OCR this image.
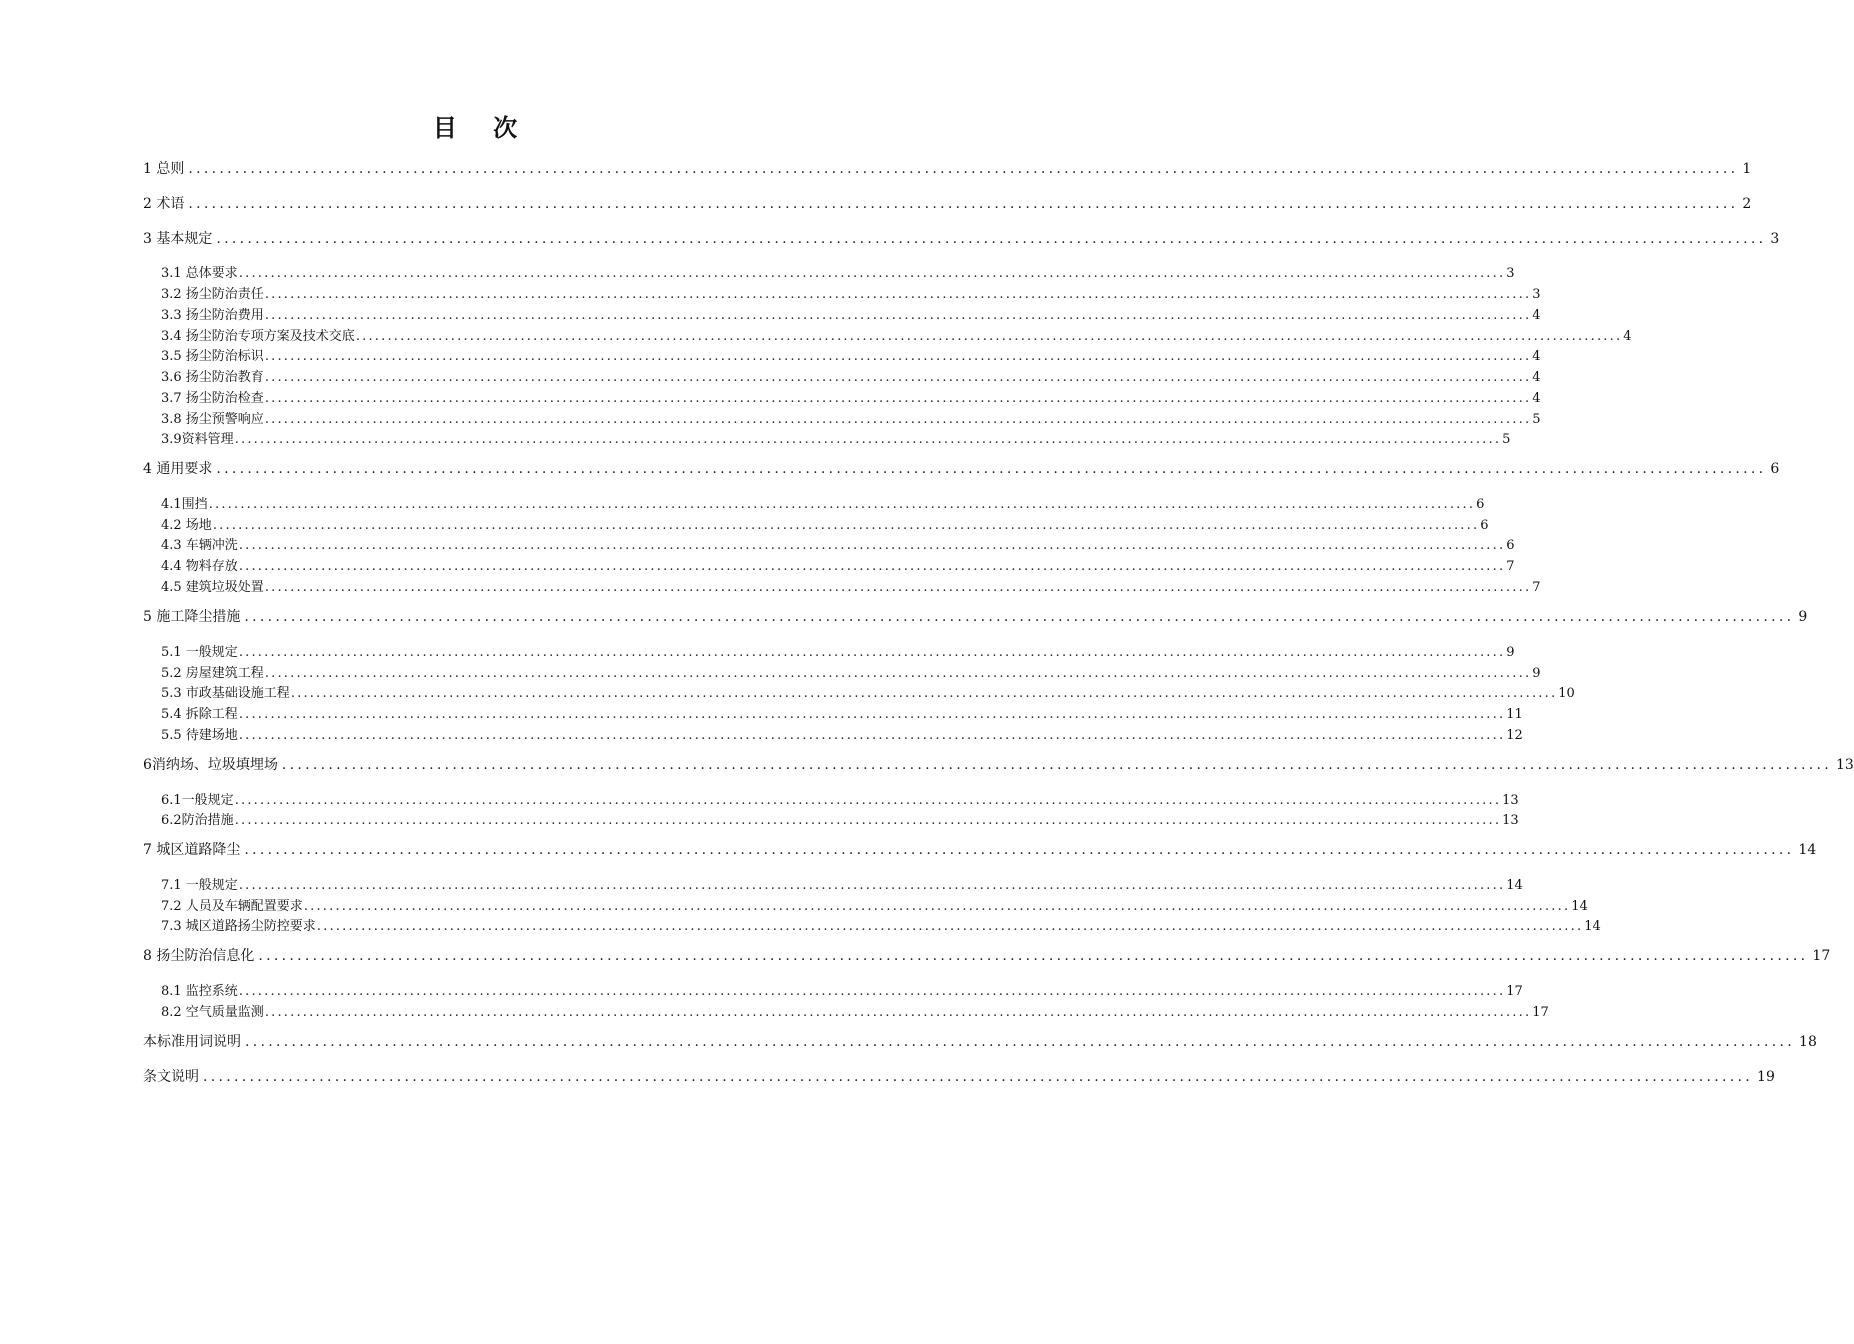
目 次
1 总则 ........................................................................................................................................................................................................ 1
2 术语 ........................................................................................................................................................................................................ 2
3 基本规定 ........................................................................................................................................................................................................ 3
3.1 总体要求 ........................................................................................................................................................................................................ 3
3.2 扬尘防治责任 ........................................................................................................................................................................................................ 3
3.3 扬尘防治费用 ........................................................................................................................................................................................................ 4
3.4 扬尘防治专项方案及技术交底 ........................................................................................................................................................................................................ 4
3.5 扬尘防治标识 ........................................................................................................................................................................................................ 4
3.6 扬尘防治教育 ........................................................................................................................................................................................................ 4
3.7 扬尘防治检查 ........................................................................................................................................................................................................ 4
3.8 扬尘预警响应 ........................................................................................................................................................................................................ 5
3.9资料管理 ........................................................................................................................................................................................................ 5
4 通用要求 ........................................................................................................................................................................................................ 6
4.1围挡 ........................................................................................................................................................................................................ 6
4.2 场地 ........................................................................................................................................................................................................ 6
4.3 车辆冲洗 ........................................................................................................................................................................................................ 6
4.4 物料存放 ........................................................................................................................................................................................................ 7
4.5 建筑垃圾处置 ........................................................................................................................................................................................................ 7
5 施工降尘措施 ........................................................................................................................................................................................................ 9
5.1 一般规定 ........................................................................................................................................................................................................ 9
5.2 房屋建筑工程 ........................................................................................................................................................................................................ 9
5.3 市政基础设施工程 ........................................................................................................................................................................................................ 10
5.4 拆除工程 ........................................................................................................................................................................................................ 11
5.5 待建场地 ........................................................................................................................................................................................................ 12
6消纳场、垃圾填埋场 ........................................................................................................................................................................................................ 13
6.1一般规定 ........................................................................................................................................................................................................ 13
6.2防治措施 ........................................................................................................................................................................................................ 13
7 城区道路降尘 ........................................................................................................................................................................................................ 14
7.1 一般规定 ........................................................................................................................................................................................................ 14
7.2 人员及车辆配置要求 ........................................................................................................................................................................................................ 14
7.3 城区道路扬尘防控要求 ........................................................................................................................................................................................................ 14
8 扬尘防治信息化 ........................................................................................................................................................................................................ 17
8.1 监控系统 ........................................................................................................................................................................................................ 17
8.2 空气质量监测 ........................................................................................................................................................................................................ 17
本标准用词说明 ........................................................................................................................................................................................................ 18
条文说明 ........................................................................................................................................................................................................ 19
